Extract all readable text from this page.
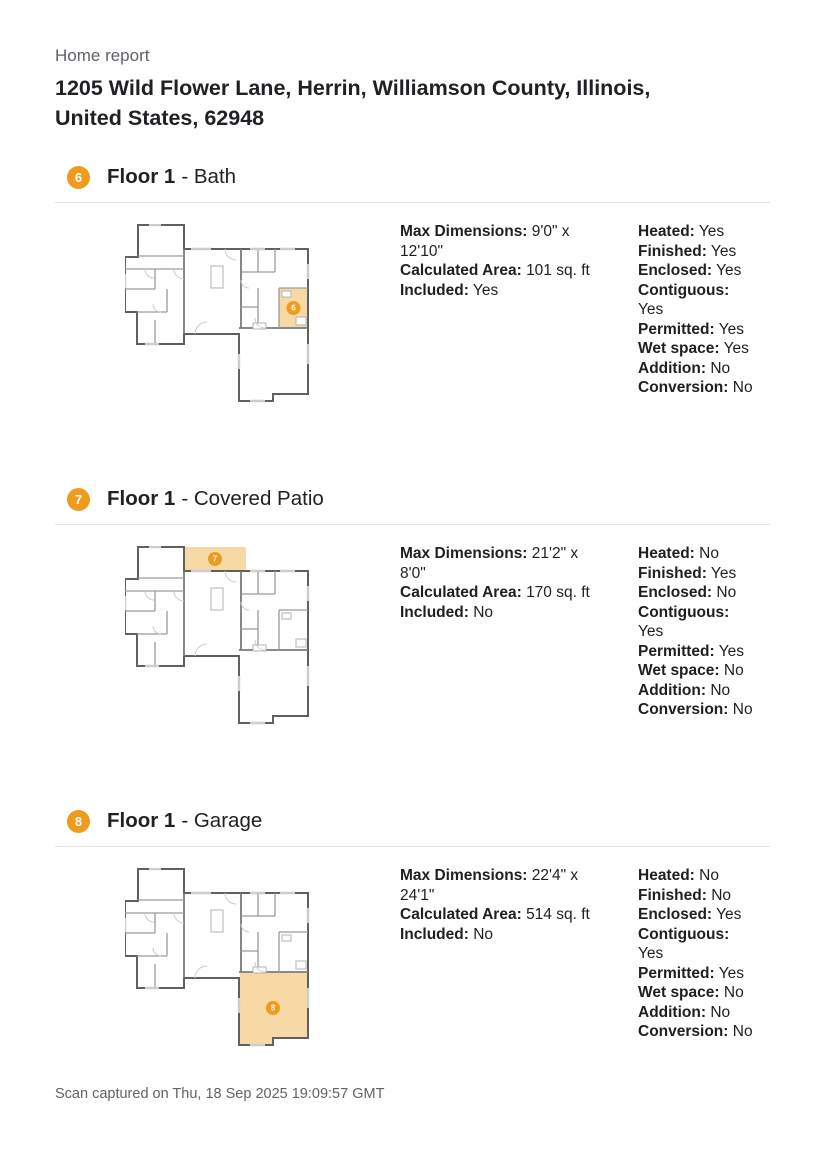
Home report
1205 Wild Flower Lane, Herrin, Williamson County, Illinois, United States, 62948
6	Floor 1 - Bath
6
Max Dimensions: 9'0" x 12'10"
Calculated Area: 101 sq. ft
Included: Yes
Heated: Yes
Finished: Yes
Enclosed: Yes
Contiguous:
Yes
Permitted: Yes
Wet space: Yes
Addition: No
Conversion: No
7	Floor 1 - Covered Patio
7	Max Dimensions: 21'2" x 8'0"
Calculated Area: 170 sq. ft
Included: No
Heated: No
Finished: Yes
Enclosed: No
Contiguous:
Yes
Permitted: Yes
Wet space: No
Addition: No
Conversion: No
8	Floor 1 - Garage
8
Max Dimensions: 22'4" x 24'1"
Calculated Area: 514 sq. ft
Included: No
Heated: No
Finished: No
Enclosed: Yes
Contiguous:
Yes
Permitted: Yes
Wet space: No
Addition: No
Conversion: No
Scan captured on Thu, 18 Sep 2025 19:09:57 GMT
